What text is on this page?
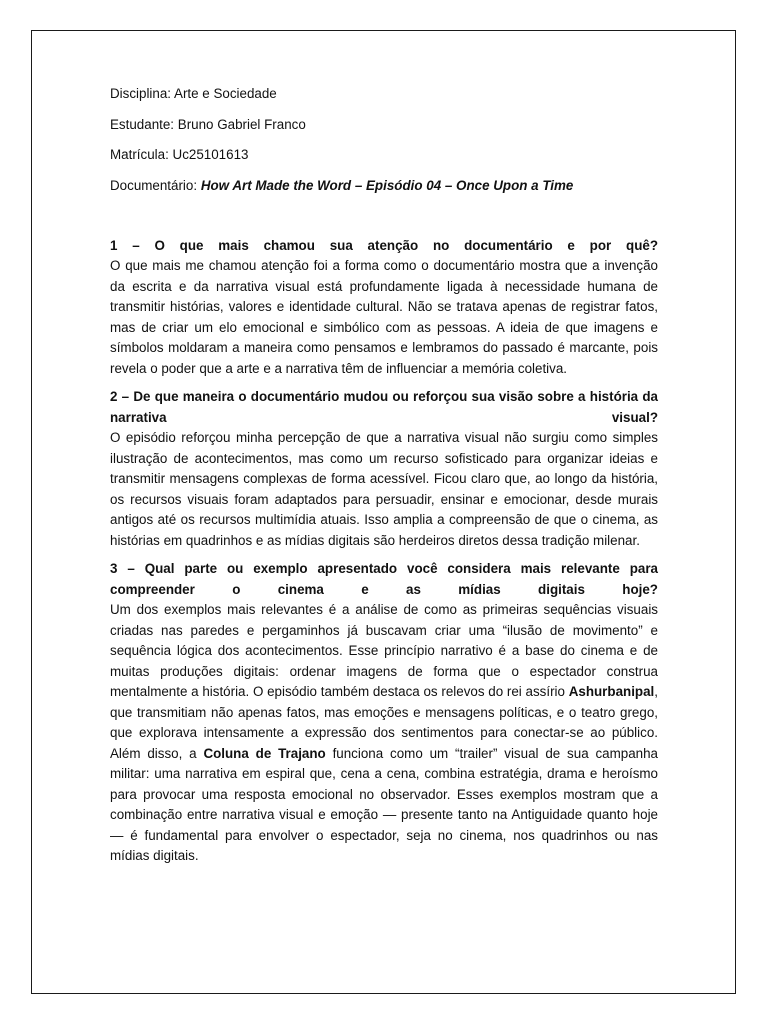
Disciplina: Arte e Sociedade
Estudante: Bruno Gabriel Franco
Matrícula: Uc25101613
Documentário: How Art Made the Word – Episódio 04 – Once Upon a Time

1 – O que mais chamou sua atenção no documentário e por quê?

O que mais me chamou atenção foi a forma como o documentário mostra que a invenção da escrita e da narrativa visual está profundamente ligada à necessidade humana de transmitir histórias, valores e identidade cultural. Não se tratava apenas de registrar fatos, mas de criar um elo emocional e simbólico com as pessoas. A ideia de que imagens e símbolos moldaram a maneira como pensamos e lembramos do passado é marcante, pois revela o poder que a arte e a narrativa têm de influenciar a memória coletiva.

2 – De que maneira o documentário mudou ou reforçou sua visão sobre a história da narrativa visual?

O episódio reforçou minha percepção de que a narrativa visual não surgiu como simples ilustração de acontecimentos, mas como um recurso sofisticado para organizar ideias e transmitir mensagens complexas de forma acessível. Ficou claro que, ao longo da história, os recursos visuais foram adaptados para persuadir, ensinar e emocionar, desde murais antigos até os recursos multimídia atuais. Isso amplia a compreensão de que o cinema, as histórias em quadrinhos e as mídias digitais são herdeiros diretos dessa tradição milenar.

3 – Qual parte ou exemplo apresentado você considera mais relevante para compreender o cinema e as mídias digitais hoje?

Um dos exemplos mais relevantes é a análise de como as primeiras sequências visuais criadas nas paredes e pergaminhos já buscavam criar uma “ilusão de movimento” e sequência lógica dos acontecimentos. Esse princípio narrativo é a base do cinema e de muitas produções digitais: ordenar imagens de forma que o espectador construa mentalmente a história. O episódio também destaca os relevos do rei assírio Ashurbanipal, que transmitiam não apenas fatos, mas emoções e mensagens políticas, e o teatro grego, que explorava intensamente a expressão dos sentimentos para conectar-se ao público. Além disso, a Coluna de Trajano funciona como um “trailer” visual de sua campanha militar: uma narrativa em espiral que, cena a cena, combina estratégia, drama e heroísmo para provocar uma resposta emocional no observador. Esses exemplos mostram que a combinação entre narrativa visual e emoção — presente tanto na Antiguidade quanto hoje — é fundamental para envolver o espectador, seja no cinema, nos quadrinhos ou nas mídias digitais.
